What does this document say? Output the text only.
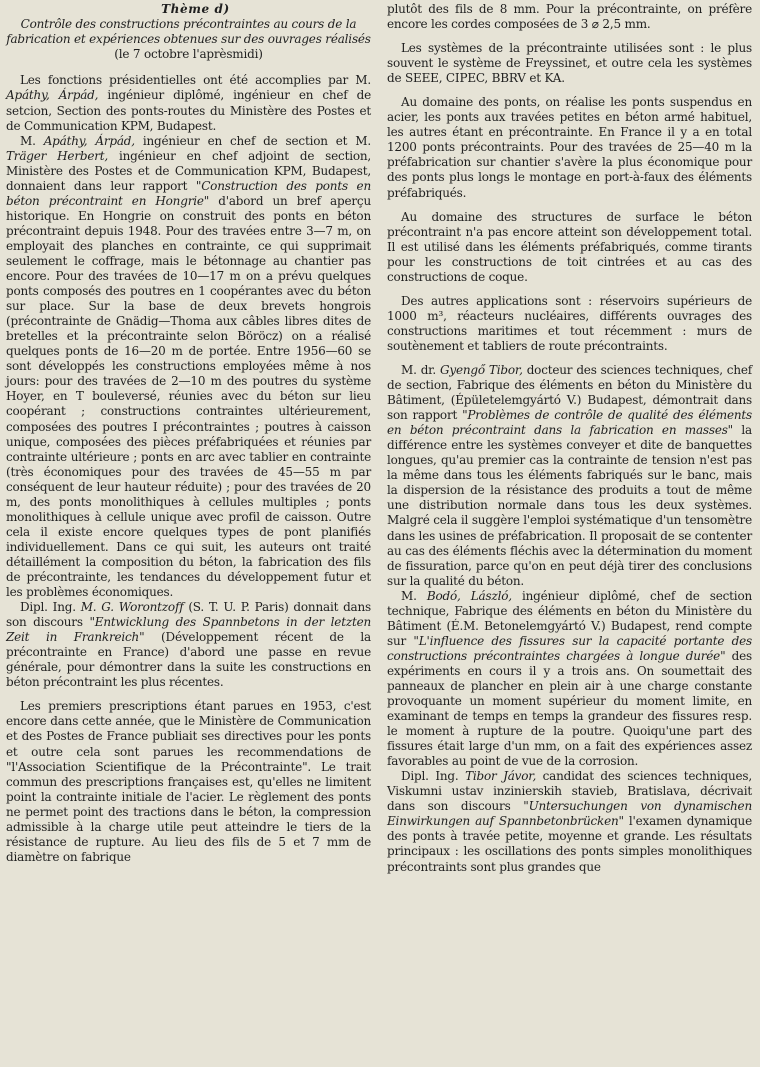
Thème d)

Contrôle des constructions précontraintes au cours de la fabrication et expériences obtenues sur des ouvrages réalisés (le 7 octobre l'aprèsmidi)

Les fonctions présidentielles ont été accomplies par M. Apáthy, Árpád, ingénieur diplômé, ingénieur en chef de setcion, Section des ponts-routes du Ministère des Postes et de Communication KPM, Budapest.

M. Apáthy, Árpád, ingénieur en chef de section et M. Träger Herbert, ingénieur en chef adjoint de section, Ministère des Postes et de Communication KPM, Budapest, donnaient dans leur rapport "Construction des ponts en béton précontraint en Hongrie" d'abord un bref aperçu historique. En Hongrie on construit des ponts en béton précontraint depuis 1948. Pour des travées entre 3—7 m, on employait des planches en contrainte, ce qui supprimait seulement le coffrage, mais le bétonnage au chantier pas encore. Pour des travées de 10—17 m on a prévu quelques ponts composés des poutres en 1 coopérantes avec du béton sur place. Sur la base de deux brevets hongrois (précontrainte de Gnädig—Thoma aux câbles libres dites de bretelles et la précontrainte selon Böröcz) on a réalisé quelques ponts de 16—20 m de portée. Entre 1956—60 se sont développés les constructions employées même à nos jours: pour des travées de 2—10 m des poutres du système Hoyer, en T bouleversé, réunies avec du béton sur lieu coopérant ; constructions contraintes ultérieurement, composées des poutres I précontraintes ; poutres à caisson unique, composées des pièces préfabriquées et réunies par contrainte ultérieure ; ponts en arc avec tablier en contrainte (très économiques pour des travées de 45—55 m par conséquent de leur hauteur réduite) ; pour des travées de 20 m, des ponts monolithiques à cellules multiples ; ponts monolithiques à cellule unique avec profil de caisson. Outre cela il existe encore quelques types de pont planifiés individuellement. Dans ce qui suit, les auteurs ont traité détaillément la composition du béton, la fabrication des fils de précontrainte, les tendances du développement futur et les problèmes économiques.

Dipl. Ing. M. G. Worontzoff (S. T. U. P. Paris) donnait dans son discours "Entwicklung des Spannbetons in der letzten Zeit in Frankreich" (Développement récent de la précontrainte en France) d'abord une passe en revue générale, pour démontrer dans la suite les constructions en béton précontraint les plus récentes.

Les premiers prescriptions étant parues en 1953, c'est encore dans cette année, que le Ministère de Communication et des Postes de France publiait ses directives pour les ponts et outre cela sont parues les recommendations de "l'Association Scientifique de la Précontrainte". Le trait commun des prescriptions françaises est, qu'elles ne limitent point la contrainte initiale de l'acier. Le règlement des ponts ne permet point des tractions dans le béton, la compression admissible à la charge utile peut atteindre le tiers de la résistance de rupture. Au lieu des fils de 5 et 7 mm de diamètre on fabrique

plutôt des fils de 8 mm. Pour la précontrainte, on préfère encore les cordes composées de 3 ⌀ 2,5 mm.

Les systèmes de la précontrainte utilisées sont : le plus souvent le système de Freyssinet, et outre cela les systèmes de SEEE, CIPEC, BBRV et KA.

Au domaine des ponts, on réalise les ponts suspendus en acier, les ponts aux travées petites en béton armé habituel, les autres étant en précontrainte. En France il y a en total 1200 ponts précontraints. Pour des travées de 25—40 m la préfabrication sur chantier s'avère la plus économique pour des ponts plus longs le montage en port-à-faux des éléments préfabriqués.

Au domaine des structures de surface le béton précontraint n'a pas encore atteint son développement total. Il est utilisé dans les éléments préfabriqués, comme tirants pour les constructions de toit cintrées et au cas des constructions de coque.

Des autres applications sont : réservoirs supérieurs de 1000 m³, réacteurs nucléaires, différents ouvrages des constructions maritimes et tout récemment : murs de soutènement et tabliers de route précontraints.

M. dr. Gyengő Tibor, docteur des sciences techniques, chef de section, Fabrique des éléments en béton du Ministère du Bâtiment, (Épületelemgyártó V.) Budapest, démontrait dans son rapport "Problèmes de contrôle de qualité des éléments en béton précontraint dans la fabrication en masses" la différence entre les systèmes conveyer et dite de banquettes longues, qu'au premier cas la contrainte de tension n'est pas la même dans tous les éléments fabriqués sur le banc, mais la dispersion de la résistance des produits a tout de même une distribution normale dans tous les deux systèmes. Malgré cela il suggère l'emploi systématique d'un tensomètre dans les usines de préfabrication. Il proposait de se contenter au cas des éléments fléchis avec la détermination du moment de fissuration, parce qu'on en peut déjà tirer des conclusions sur la qualité du béton.

M. Bodó, László, ingénieur diplômé, chef de section technique, Fabrique des éléments en béton du Ministère du Bâtiment (É.M. Betonelemgyártó V.) Budapest, rend compte sur "L'influence des fissures sur la capacité portante des constructions précontraintes chargées à longue durée" des expériments en cours il y a trois ans. On soumettait des panneaux de plancher en plein air à une charge constante provoquante un moment supérieur du moment limite, en examinant de temps en temps la grandeur des fissures resp. le moment à rupture de la poutre. Quoiqu'une part des fissures était large d'un mm, on a fait des expériences assez favorables au point de vue de la corrosion.

Dipl. Ing. Tibor Jávor, candidat des sciences techniques, Viskumni ustav inzinierskih stavieb, Bratislava, décrivait dans son discours "Untersuchungen von dynamischen Einwirkungen auf Spannbetonbrücken" l'examen dynamique des ponts à travée petite, moyenne et grande. Les résultats principaux : les oscillations des ponts simples monolithiques précontraints sont plus grandes que
